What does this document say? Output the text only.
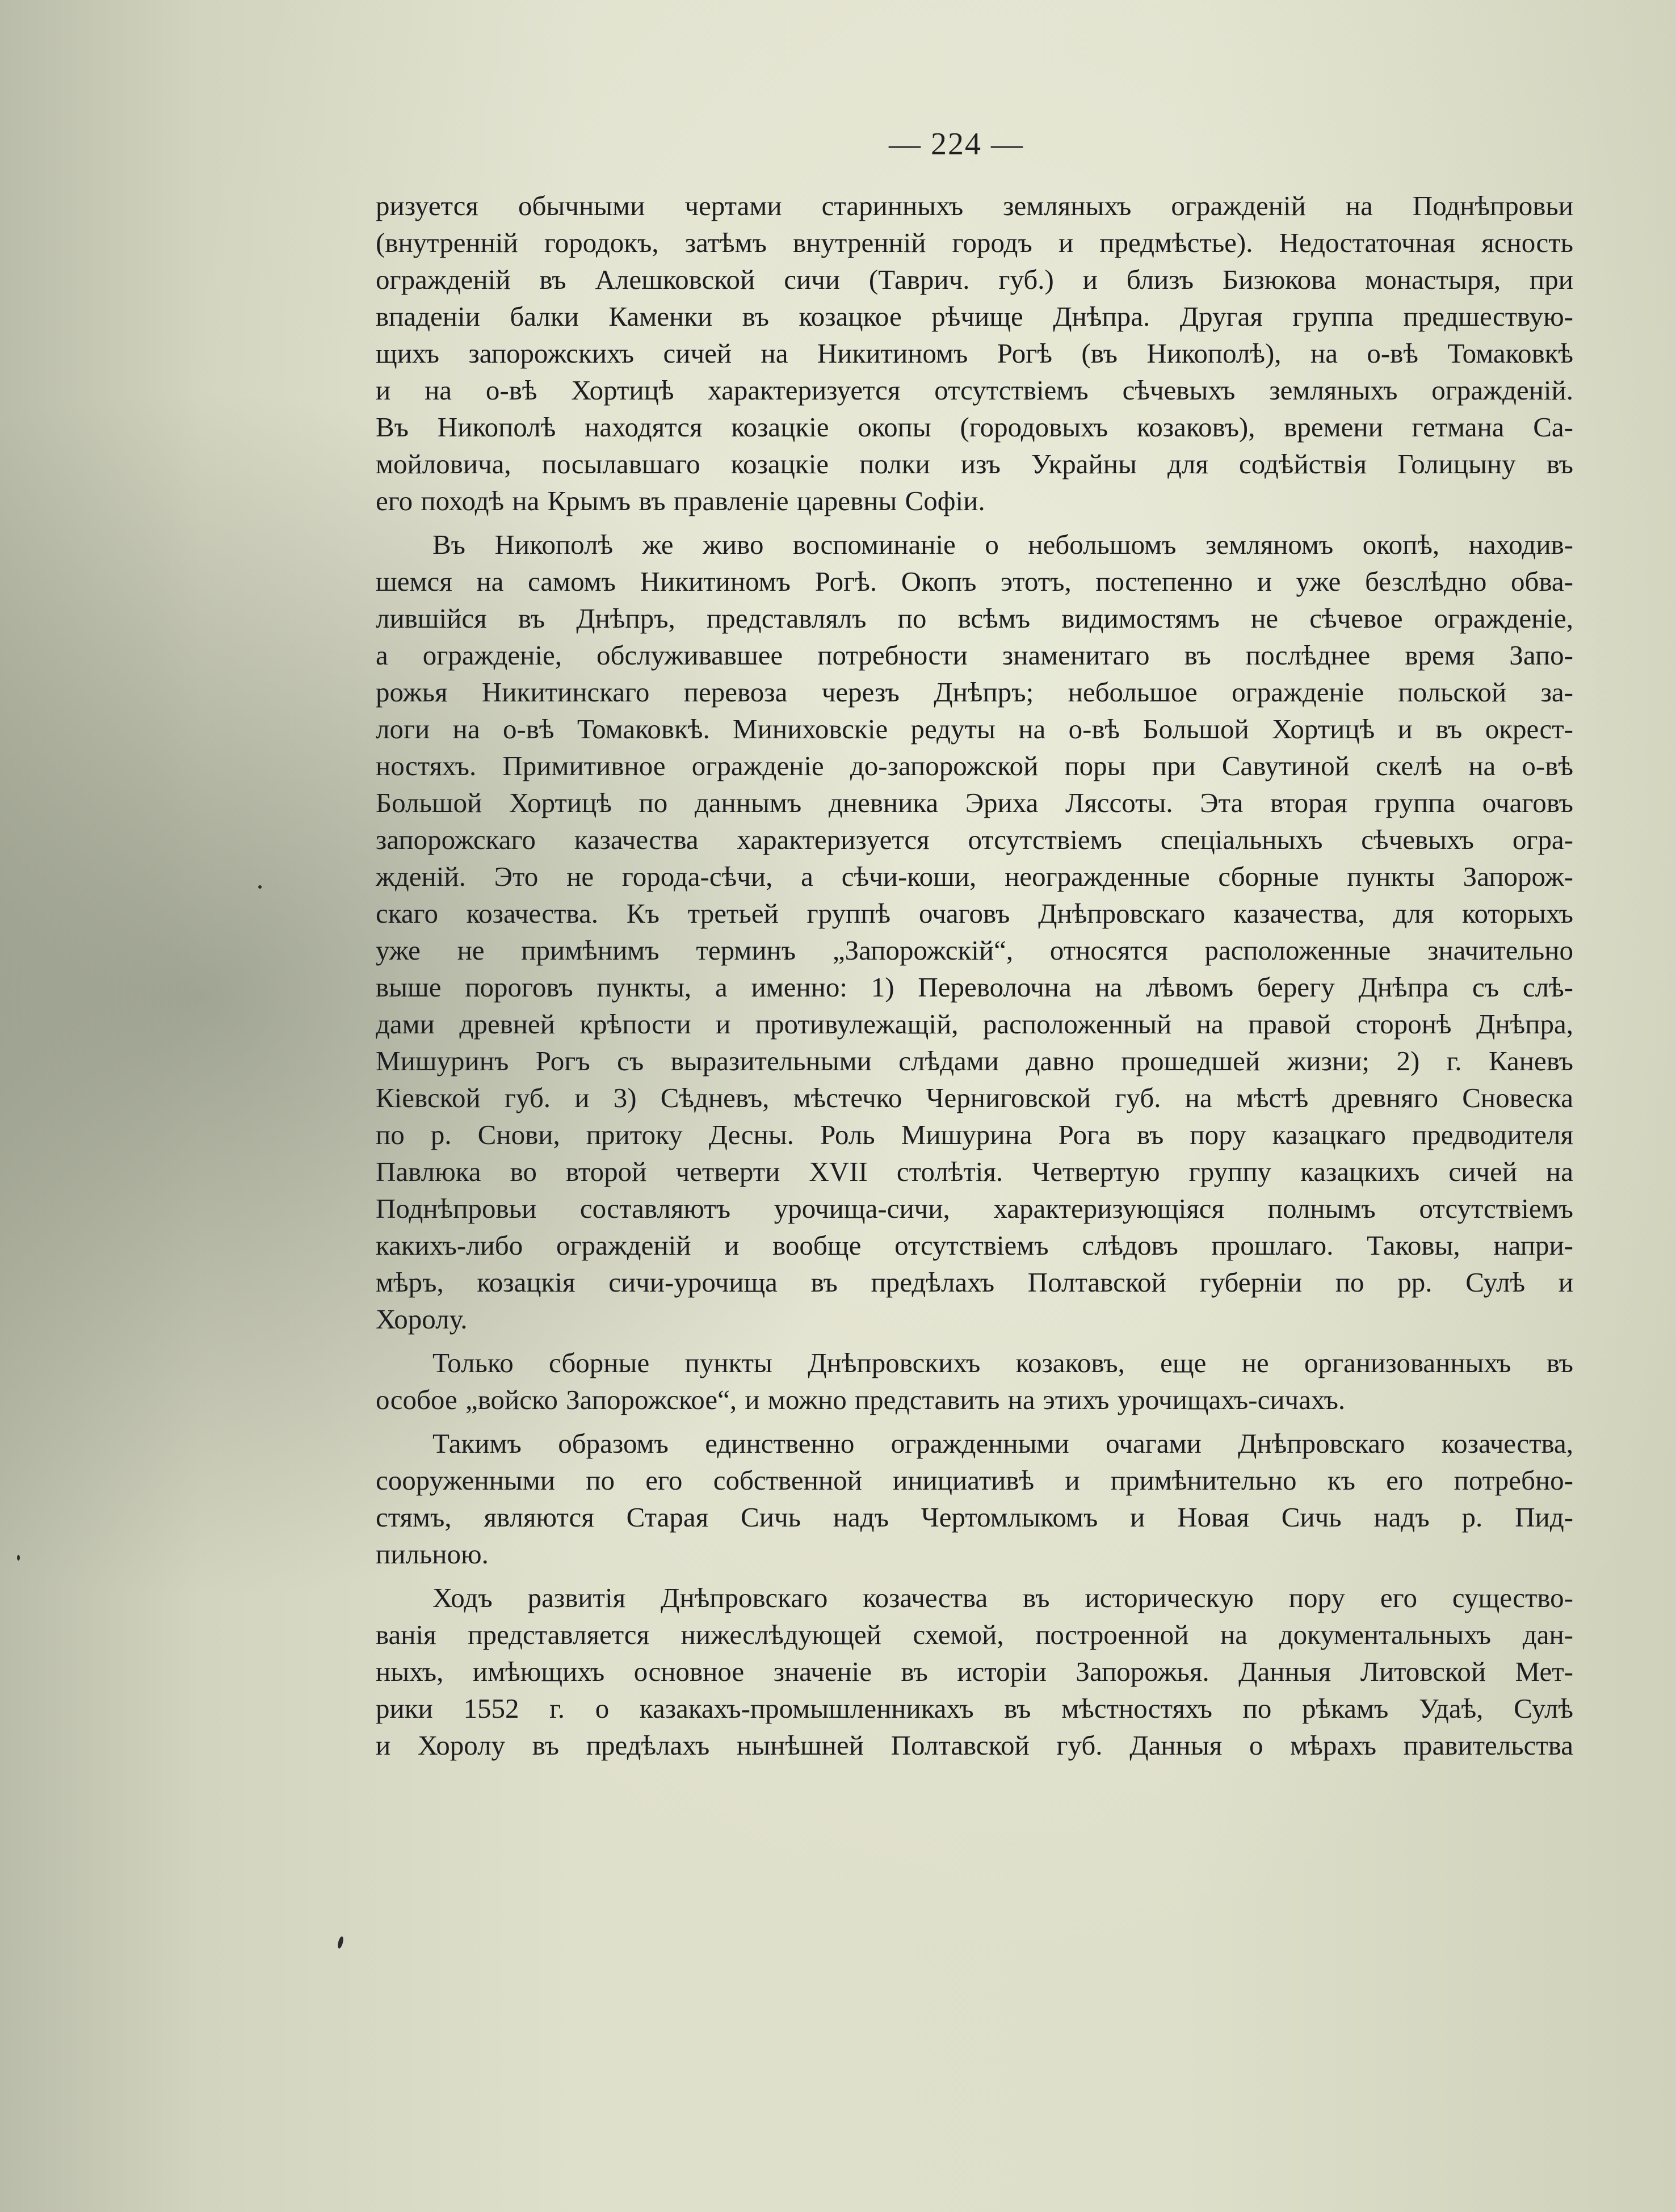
— 224 —
ризуется обычными чертами старинныхъ земляныхъ огражденій на Поднѣпровьи
(внутренній городокъ, затѣмъ внутренній городъ и предмѣстье). Недостаточная ясность
огражденій въ Алешковской сичи (Таврич. губ.) и близъ Бизюкова монастыря, при
впаденіи балки Каменки въ козацкое рѣчище Днѣпра. Другая группа предшествую-
щихъ запорожскихъ сичей на Никитиномъ Рогѣ (въ Никополѣ), на о-вѣ Томаковкѣ
и на о-вѣ Хортицѣ характеризуется отсутствіемъ сѣчевыхъ земляныхъ огражденій.
Въ Никополѣ находятся козацкіе окопы (городовыхъ козаковъ), времени гетмана Са-
мойловича, посылавшаго козацкіе полки изъ Украйны для содѣйствія Голицыну въ
его походѣ на Крымъ въ правленіе царевны Софіи.
Въ Никополѣ же живо воспоминаніе о небольшомъ земляномъ окопѣ, находив-
шемся на самомъ Никитиномъ Рогѣ. Окопъ этотъ, постепенно и уже безслѣдно обва-
лившійся въ Днѣпръ, представлялъ по всѣмъ видимостямъ не сѣчевое огражденіе,
а огражденіе, обслуживавшее потребности знаменитаго въ послѣднее время Запо-
рожья Никитинскаго перевоза черезъ Днѣпръ; небольшое огражденіе польской за-
логи на о-вѣ Томаковкѣ. Миниховскіе редуты на о-вѣ Большой Хортицѣ и въ окрест-
ностяхъ. Примитивное огражденіе до-запорожской поры при Савутиной скелѣ на о-вѣ
Большой Хортицѣ по даннымъ дневника Эриха Ляссоты. Эта вторая группа очаговъ
запорожскаго казачества характеризуется отсутствіемъ спеціальныхъ сѣчевыхъ огра-
жденій. Это не города-сѣчи, а сѣчи-коши, неогражденные сборные пункты Запорож-
скаго козачества. Къ третьей группѣ очаговъ Днѣпровскаго казачества, для которыхъ
уже не примѣнимъ терминъ „Запорожскій“, относятся расположенные значительно
выше пороговъ пункты, а именно: 1) Переволочна на лѣвомъ берегу Днѣпра съ слѣ-
дами древней крѣпости и противулежащій, расположенный на правой сторонѣ Днѣпра,
Мишуринъ Рогъ съ выразительными слѣдами давно прошедшей жизни; 2) г. Каневъ
Кіевской губ. и 3) Сѣдневъ, мѣстечко Черниговской губ. на мѣстѣ древняго Сновеска
по р. Снови, притоку Десны. Роль Мишурина Рога въ пору казацкаго предводителя
Павлюка во второй четверти XVII столѣтія. Четвертую группу казацкихъ сичей на
Поднѣпровьи составляютъ урочища-сичи, характеризующіяся полнымъ отсутствіемъ
какихъ-либо огражденій и вообще отсутствіемъ слѣдовъ прошлаго. Таковы, напри-
мѣръ, козацкія сичи-урочища въ предѣлахъ Полтавской губерніи по рр. Сулѣ и
Хоролу.
Только сборные пункты Днѣпровскихъ козаковъ, еще не организованныхъ въ
особое „войско Запорожское“, и можно представить на этихъ урочищахъ-сичахъ.
Такимъ образомъ единственно огражденными очагами Днѣпровскаго козачества,
сооруженными по его собственной инициативѣ и примѣнительно къ его потребно-
стямъ, являются Старая Сичь надъ Чертомлыкомъ и Новая Сичь надъ р. Пид-
пильною.
Ходъ развитія Днѣпровскаго козачества въ историческую пору его существо-
ванія представляется нижеслѣдующей схемой, построенной на документальныхъ дан-
ныхъ, имѣющихъ основное значеніе въ исторіи Запорожья. Данныя Литовской Мет-
рики 1552 г. о казакахъ-промышленникахъ въ мѣстностяхъ по рѣкамъ Удаѣ, Сулѣ
и Хоролу въ предѣлахъ нынѣшней Полтавской губ. Данныя о мѣрахъ правительства
